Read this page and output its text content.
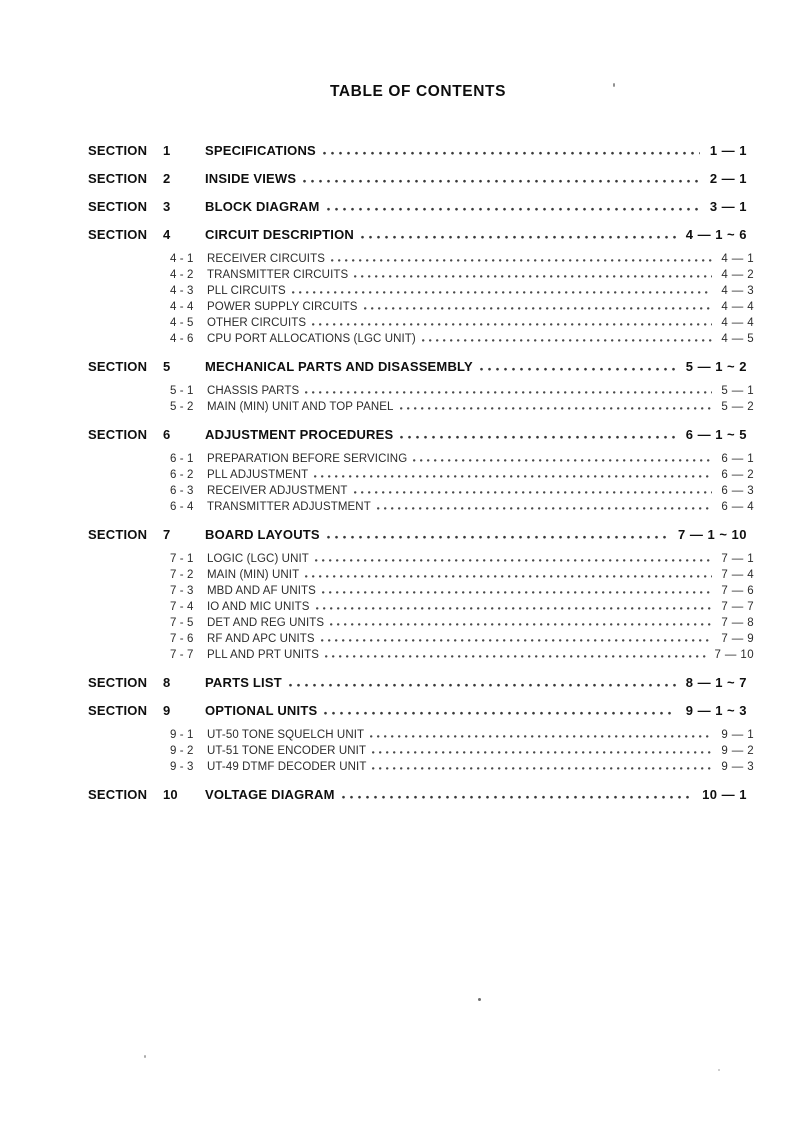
TABLE OF CONTENTS
SECTION	1	SPECIFICATIONS	1 — 1
SECTION	2	INSIDE VIEWS	2 — 1
SECTION	3	BLOCK DIAGRAM	3 — 1
SECTION	4	CIRCUIT DESCRIPTION	4 — 1 ~ 6
4 - 1	RECEIVER CIRCUITS	4 — 1
4 - 2	TRANSMITTER CIRCUITS	4 — 2
4 - 3	PLL CIRCUITS	4 — 3
4 - 4	POWER SUPPLY CIRCUITS	4 — 4
4 - 5	OTHER CIRCUITS	4 — 4
4 - 6	CPU PORT ALLOCATIONS (LGC UNIT)	4 — 5
SECTION	5	MECHANICAL PARTS AND DISASSEMBLY	5 — 1 ~ 2
5 - 1	CHASSIS PARTS	5 — 1
5 - 2	MAIN (MIN) UNIT AND TOP PANEL	5 — 2
SECTION	6	ADJUSTMENT PROCEDURES	6 — 1 ~ 5
6 - 1	PREPARATION BEFORE SERVICING	6 — 1
6 - 2	PLL ADJUSTMENT	6 — 2
6 - 3	RECEIVER ADJUSTMENT	6 — 3
6 - 4	TRANSMITTER ADJUSTMENT	6 — 4
SECTION	7	BOARD LAYOUTS	7 — 1 ~ 10
7 - 1	LOGIC (LGC) UNIT	7 — 1
7 - 2	MAIN (MIN) UNIT	7 — 4
7 - 3	MBD AND AF UNITS	7 — 6
7 - 4	IO AND MIC UNITS	7 — 7
7 - 5	DET AND REG UNITS	7 — 8
7 - 6	RF AND APC UNITS	7 — 9
7 - 7	PLL AND PRT UNITS	7 — 10
SECTION	8	PARTS LIST	8 — 1 ~ 7
SECTION	9	OPTIONAL UNITS	9 — 1 ~ 3
9 - 1	UT-50 TONE SQUELCH UNIT	9 — 1
9 - 2	UT-51 TONE ENCODER UNIT	9 — 2
9 - 3	UT-49 DTMF DECODER UNIT	9 — 3
SECTION	10	VOLTAGE DIAGRAM	10 — 1
